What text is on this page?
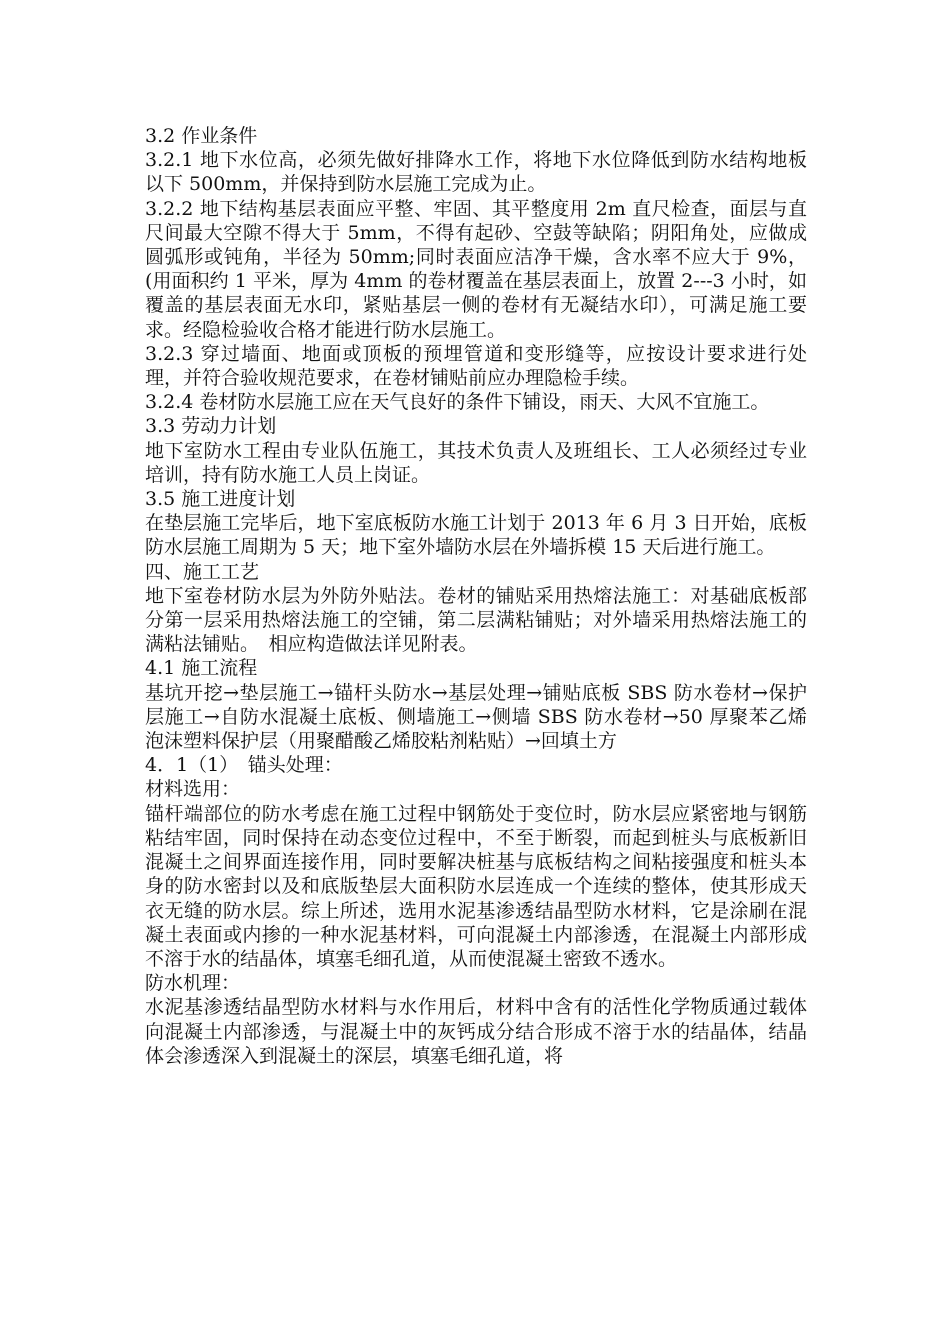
3.2 作业条件

3.2.1 地下水位高，必须先做好排降水工作，将地下水位降低到防水结构地板以下 500mm，并保持到防水层施工完成为止。

3.2.2 地下结构基层表面应平整、牢固、其平整度用 2m 直尺检查，面层与直尺间最大空隙不得大于 5mm，不得有起砂、空鼓等缺陷；阴阳角处，应做成圆弧形或钝角，半径为 50mm;同时表面应洁净干燥，含水率不应大于 9%，(用面积约 1 平米，厚为 4mm 的卷材覆盖在基层表面上，放置 2---3 小时，如覆盖的基层表面无水印，紧贴基层一侧的卷材有无凝结水印），可满足施工要求。经隐检验收合格才能进行防水层施工。

3.2.3 穿过墙面、地面或顶板的预埋管道和变形缝等，应按设计要求进行处理，并符合验收规范要求，在卷材铺贴前应办理隐检手续。

3.2.4 卷材防水层施工应在天气良好的条件下铺设，雨天、大风不宜施工。

3.3 劳动力计划

地下室防水工程由专业队伍施工，其技术负责人及班组长、工人必须经过专业培训，持有防水施工人员上岗证。

3.5 施工进度计划

在垫层施工完毕后，地下室底板防水施工计划于 2013 年 6 月 3 日开始，底板防水层施工周期为 5 天；地下室外墙防水层在外墙拆模 15 天后进行施工。

四、施工工艺

地下室卷材防水层为外防外贴法。卷材的铺贴采用热熔法施工：对基础底板部分第一层采用热熔法施工的空铺，第二层满粘铺贴；对外墙采用热熔法施工的满粘法铺贴。　相应构造做法详见附表。

4.1 施工流程

基坑开挖→垫层施工→锚杆头防水→基层处理→铺贴底板 SBS 防水卷材→保护层施工→自防水混凝土底板、侧墙施工→侧墙 SBS 防水卷材→50 厚聚苯乙烯泡沫塑料保护层（用聚醋酸乙烯胶粘剂粘贴）→回填土方

4．1（1）　锚头处理：

材料选用：

锚杆端部位的防水考虑在施工过程中钢筋处于变位时，防水层应紧密地与钢筋粘结牢固，同时保持在动态变位过程中，不至于断裂，而起到桩头与底板新旧混凝土之间界面连接作用，同时要解决桩基与底板结构之间粘接强度和桩头本身的防水密封以及和底版垫层大面积防水层连成一个连续的整体，使其形成天衣无缝的防水层。综上所述，选用水泥基渗透结晶型防水材料，它是涂刷在混凝土表面或内掺的一种水泥基材料，可向混凝土内部渗透，在混凝土内部形成不溶于水的结晶体，填塞毛细孔道，从而使混凝土密致不透水。

防水机理：

水泥基渗透结晶型防水材料与水作用后，材料中含有的活性化学物质通过载体向混凝土内部渗透，与混凝土中的灰钙成分结合形成不溶于水的结晶体，结晶体会渗透深入到混凝土的深层，填塞毛细孔道，将
